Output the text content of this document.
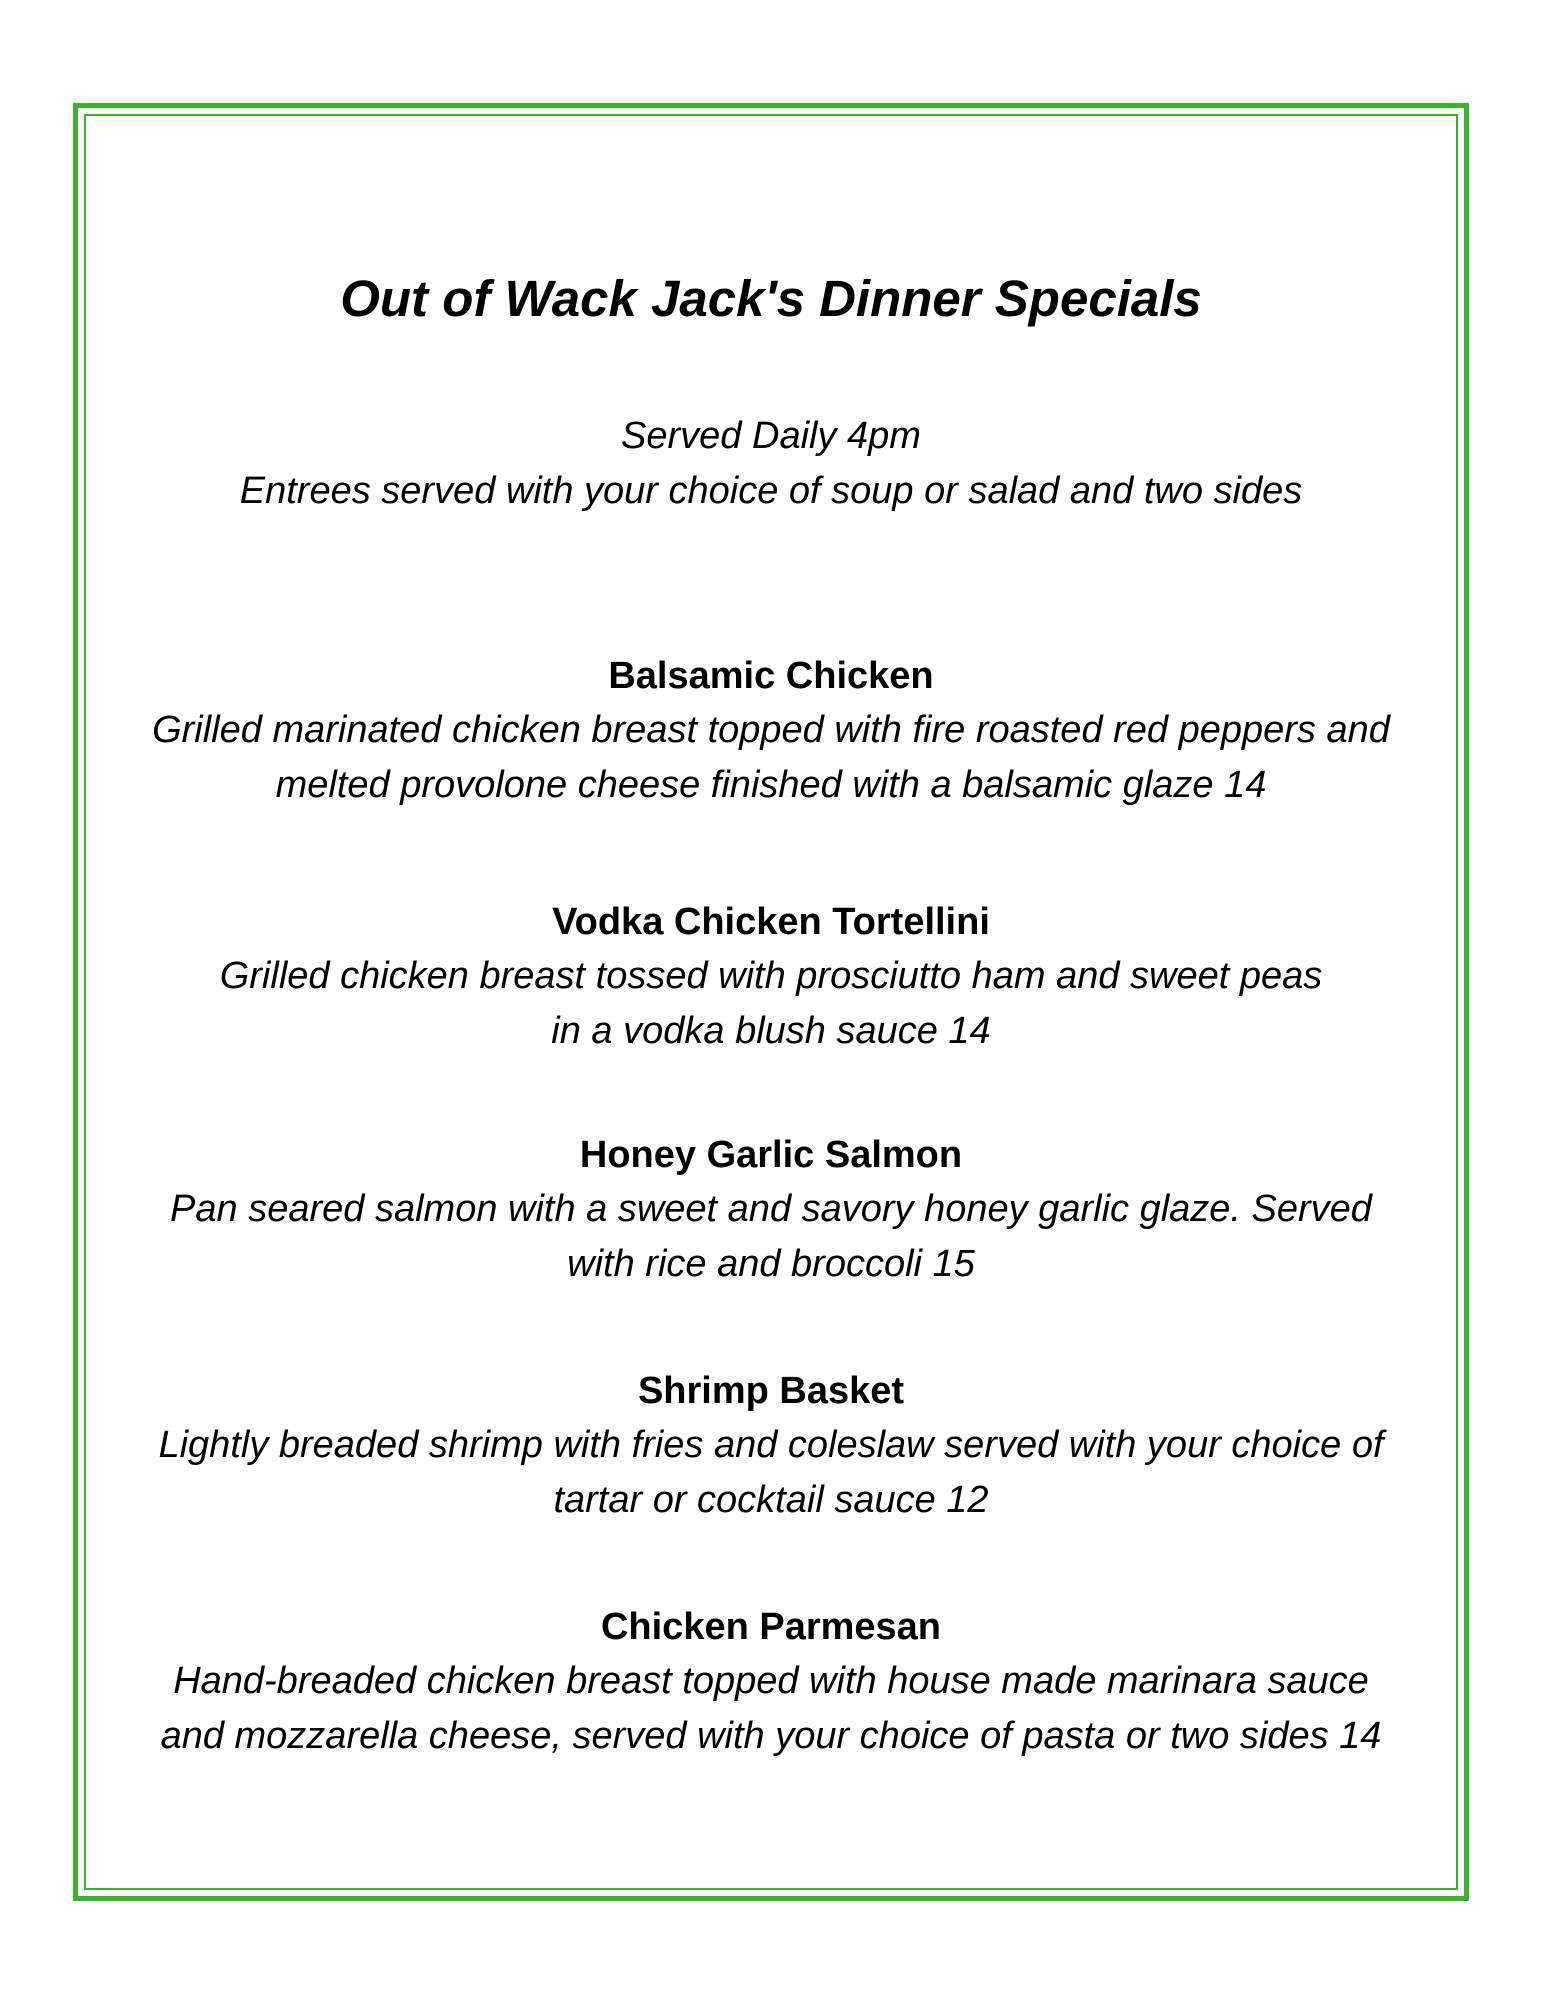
Out of Wack Jack's Dinner Specials

Served Daily 4pm

Entrees served with your choice of soup or salad and two sides

Balsamic Chicken

Grilled marinated chicken breast topped with fire roasted red peppers and

melted provolone cheese finished with a balsamic glaze 14

Vodka Chicken Tortellini

Grilled chicken breast tossed with prosciutto ham and sweet peas

in a vodka blush sauce 14

Honey Garlic Salmon

Pan seared salmon with a sweet and savory honey garlic glaze. Served

with rice and broccoli 15

Shrimp Basket

Lightly breaded shrimp with fries and coleslaw served with your choice of

tartar or cocktail sauce 12

Chicken Parmesan

Hand-breaded chicken breast topped with house made marinara sauce

and mozzarella cheese, served with your choice of pasta or two sides 14
